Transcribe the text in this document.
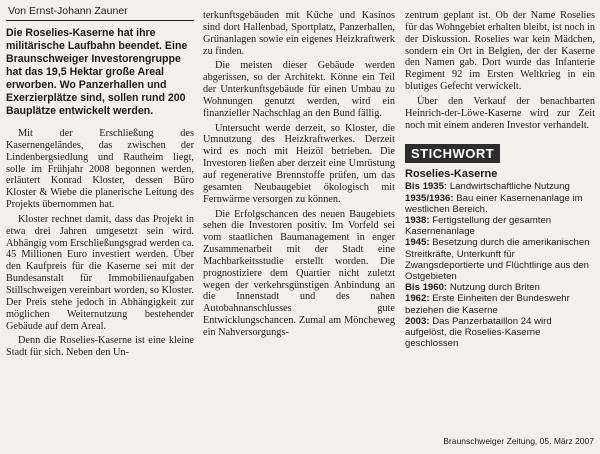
Von Ernst-Johann Zauner
Die Roselies-Kaserne hat ihre militärische Laufbahn beendet. Eine Braunschweiger Investorengruppe hat das 19,5 Hektar große Areal erworben. Wo Panzerhallen und Exerzierplätze sind, sollen rund 200 Bauplätze entwickelt werden.

Mit der Erschließung des Kasernengeländes, das zwischen der Lindenbergsiedlung und Rautheim liegt, solle im Frühjahr 2008 begonnen werden, erläutert Konrad Kloster, dessen Büro Kloster & Wiebe die planerische Leitung des Projekts übernommen hat.

Kloster rechnet damit, dass das Projekt in etwa drei Jahren umgesetzt sein wird. Abhängig vom Erschließungsgrad werden ca. 45 Millionen Euro investiert werden. Über den Kaufpreis für die Kaserne sei mit der Bundesanstalt für Immobilienaufgaben Stillschweigen vereinbart worden, so Kloster. Der Preis stehe jedoch in Abhängigkeit zur möglichen Weiternutzung bestehender Gebäude auf dem Areal.

Denn die Roselies-Kaserne ist eine kleine Stadt für sich. Neben den Un-

terkunftsgebäuden mit Küche und Kasinos sind dort Hallenbad, Sportplatz, Panzerhallen, Grünanlagen sowie ein eigenes Heizkraftwerk zu finden.

Die meisten dieser Gebäude werden abgerissen, so der Architekt. Könne ein Teil der Unterkunftsgebäude für einen Umbau zu Wohnungen genutzt werden, wird ein finanzieller Nachschlag an den Bund fällig.

Untersucht werde derzeit, so Kloster, die Umnutzung des Heizkraftwerkes. Derzeit wird es noch mit Heizöl betrieben. Die Investoren ließen aber derzeit eine Umrüstung auf regenerative Brennstoffe prüfen, um das gesamten Neubaugebiet ökologisch mit Fernwärme versorgen zu können.

Die Erfolgschancen des neuen Baugebiets sehen die Investoren positiv. Im Vorfeld sei vom staatlichen Baumanagement in enger Zusammenarbeit mit der Stadt eine Machbarkeitsstudie erstellt worden. Die prognostiziere dem Quartier nicht zuletzt wegen der verkehrsgünstigen Anbindung an die Innenstadt und des nahen Autobahnanschlusses gute Entwicklungschancen. Zumal am Möncheweg ein Nahversorgungs-

zentrum geplant ist. Ob der Name Roselies für das Wohngebiet erhalten bleibt, ist noch in der Diskussion. Roselies war kein Mädchen, sondern ein Ort in Belgien, der der Kaserne den Namen gab. Dort wurde das Infanterie Regiment 92 im Ersten Weltkrieg in ein blutiges Gefecht verwickelt.

Über den Verkauf der benachbarten Heinrich-der-Löwe-Kaserne wird zur Zeit noch mit einem anderen Investor verhandelt.

STICHWORT
Roselies-Kaserne

Bis 1935: Landwirtschaftliche Nutzung

1935/1936: Bau einer Kasernenanlage im westlichen Bereich.

1938: Fertigstellung der gesamten Kasernenanlage

1945: Besetzung durch die amerikanischen Streitkräfte, Unterkunft für Zwangsdeportierte und Flüchtlinge aus den Ostgebieten

Bis 1960: Nutzung durch Briten

1962: Erste Einheiten der Bundeswehr beziehen die Kaserne

2003: Das Panzerbataillon 24 wird aufgelöst, die Roselies-Kaserne geschlossen

Braunschweiger Zeitung, 05. März 2007
